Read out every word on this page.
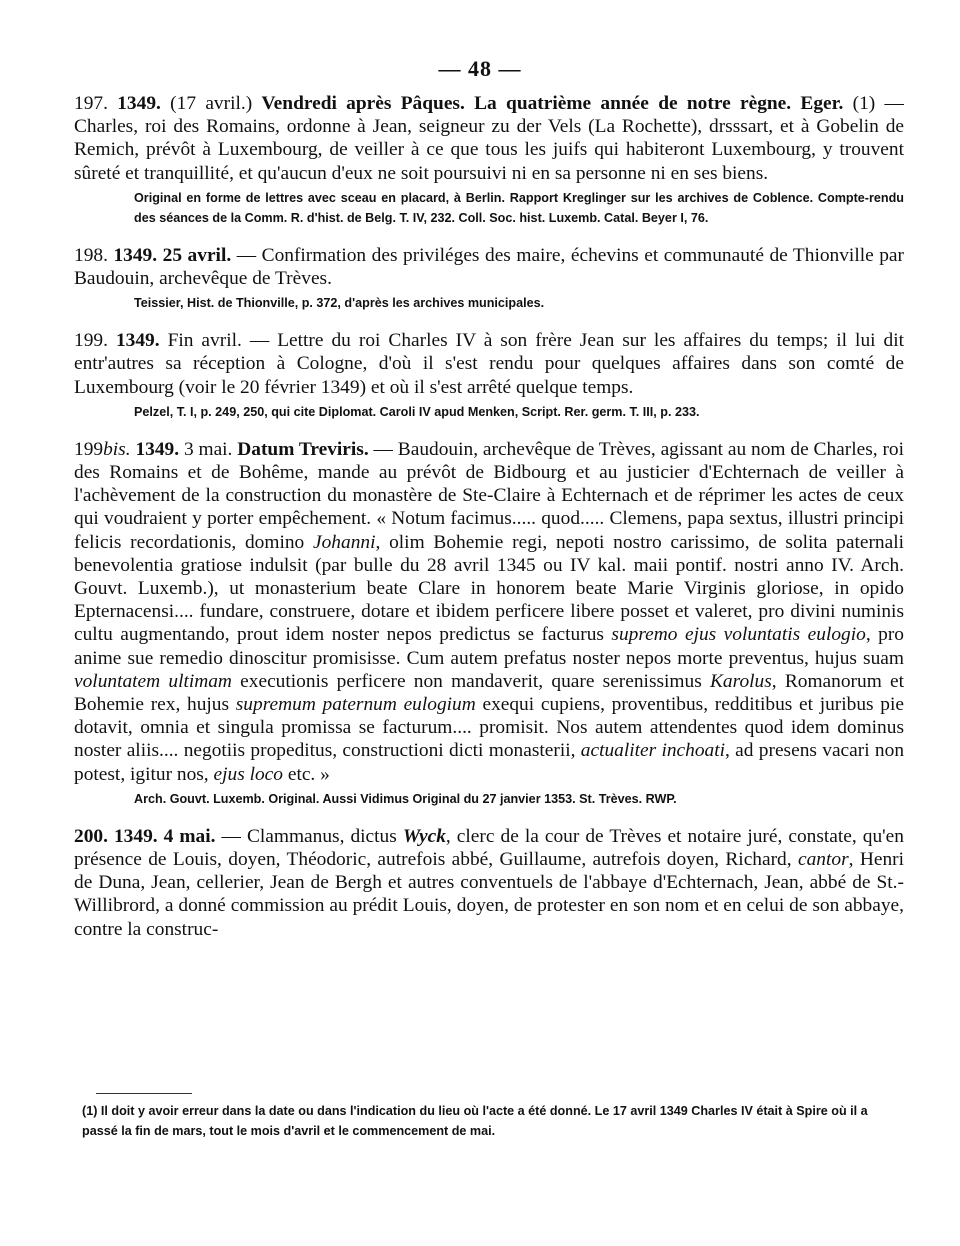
— 48 —

197. 1349. (17 avril.) Vendredi après Pâques. La quatrième année de notre règne. Eger. (1) — Charles, roi des Romains, ordonne à Jean, seigneur zu der Vels (La Rochette), drsssart, et à Gobelin de Remich, prévôt à Luxembourg, de veiller à ce que tous les juifs qui habiteront Luxembourg, y trouvent sûreté et tranquillité, et qu'aucun d'eux ne soit poursuivi ni en sa personne ni en ses biens.

Original en forme de lettres avec sceau en placard, à Berlin. Rapport Kreglinger sur les archives de Coblence. Compte-rendu des séances de la Comm. R. d'hist. de Belg. T. IV, 232. Coll. Soc. hist. Luxemb. Catal. Beyer I, 76.

198. 1349. 25 avril. — Confirmation des priviléges des maire, échevins et communauté de Thionville par Baudouin, archevêque de Trèves.

Teissier, Hist. de Thionville, p. 372, d'après les archives municipales.

199. 1349. Fin avril. — Lettre du roi Charles IV à son frère Jean sur les affaires du temps; il lui dit entr'autres sa réception à Cologne, d'où il s'est rendu pour quelques affaires dans son comté de Luxembourg (voir le 20 février 1349) et où il s'est arrêté quelque temps.

Pelzel, T. I, p. 249, 250, qui cite Diplomat. Caroli IV apud Menken, Script. Rer. germ. T. III, p. 233.

199bis. 1349. 3 mai. Datum Treviris. — Baudouin, archevêque de Trèves, agissant au nom de Charles, roi des Romains et de Bohême, mande au prévôt de Bidbourg et au justicier d'Echternach de veiller à l'achèvement de la construction du monastère de Ste-Claire à Echternach et de réprimer les actes de ceux qui voudraient y porter empêchement. « Notum facimus..... quod..... Clemens, papa sextus, illustri principi felicis recordationis, domino Johanni, olim Bohemie regi, nepoti nostro carissimo, de solita paternali benevolentia gratiose indulsit (par bulle du 28 avril 1345 ou IV kal. maii pontif. nostri anno IV. Arch. Gouvt. Luxemb.), ut monasterium beate Clare in honorem beate Marie Virginis gloriose, in opido Epternacensi.... fundare, construere, dotare et ibidem perficere libere posset et valeret, pro divini numinis cultu augmentando, prout idem noster nepos predictus se facturus supremo ejus voluntatis eulogio, pro anime sue remedio dinoscitur promisisse. Cum autem prefatus noster nepos morte preventus, hujus suam voluntatem ultimam executionis perficere non mandaverit, quare serenissimus Karolus, Romanorum et Bohemie rex, hujus supremum paternum eulogium exequi cupiens, proventibus, redditibus et juribus pie dotavit, omnia et singula promissa se facturum.... promisit. Nos autem attendentes quod idem dominus noster aliis.... negotiis propeditus, constructioni dicti monasterii, actualiter inchoati, ad presens vacari non potest, igitur nos, ejus loco etc. »

Arch. Gouvt. Luxemb. Original. Aussi Vidimus Original du 27 janvier 1353. St. Trèves. RWP.

200. 1349. 4 mai. — Clammanus, dictus Wyck, clerc de la cour de Trèves et notaire juré, constate, qu'en présence de Louis, doyen, Théodoric, autrefois abbé, Guillaume, autrefois doyen, Richard, cantor, Henri de Duna, Jean, cellerier, Jean de Bergh et autres conventuels de l'abbaye d'Echternach, Jean, abbé de St.-Willibrord, a donné commission au prédit Louis, doyen, de protester en son nom et en celui de son abbaye, contre la construc-

(1) Il doit y avoir erreur dans la date ou dans l'indication du lieu où l'acte a été donné. Le 17 avril 1349 Charles IV était à Spire où il a passé la fin de mars, tout le mois d'avril et le commencement de mai.
